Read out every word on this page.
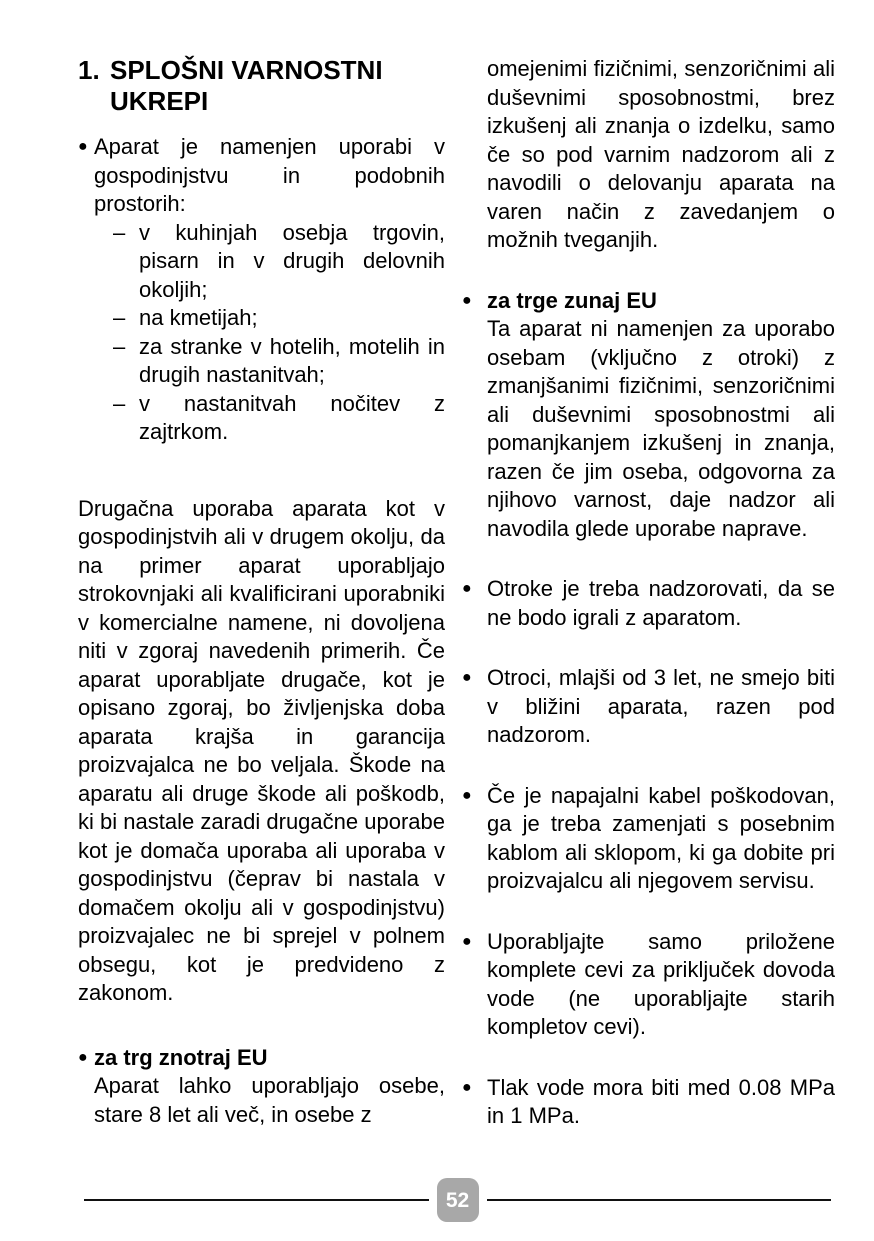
1. SPLOŠNI VARNOSTNI UKREPI
● Aparat je namenjen uporabi v gospodinjstvu in podobnih prostorih:
– v kuhinjah osebja trgovin, pisarn in v drugih delovnih okoljih;
– na kmetijah;
– za stranke v hotelih, motelih in drugih nastanitvah;
– v nastanitvah nočitev z zajtrkom.
Drugačna uporaba aparata kot v gospodinjstvih ali v drugem okolju, da na primer aparat uporabljajo strokovnjaki ali kvalificirani uporabniki v komercialne namene, ni dovoljena niti v zgoraj navedenih primerih. Če aparat uporabljate drugače, kot je opisano zgoraj, bo življenjska doba aparata krajša in garancija proizvajalca ne bo veljala. Škode na aparatu ali druge škode ali poškodb, ki bi nastale zaradi drugačne uporabe kot je domača uporaba ali uporaba v gospodinjstvu (čeprav bi nastala v domačem okolju ali v gospodinjstvu) proizvajalec ne bi sprejel v polnem obsegu, kot je predvideno z zakonom.
● za trg znotraj EU
Aparat lahko uporabljajo osebe, stare 8 let ali več, in osebe z
omejenimi fizičnimi, senzoričnimi ali duševnimi sposobnostmi, brez izkušenj ali znanja o izdelku, samo če so pod varnim nadzorom ali z navodili o delovanju aparata na varen način z zavedanjem o možnih tveganjih.
● za trge zunaj EU
Ta aparat ni namenjen za uporabo osebam (vključno z otroki) z zmanjšanimi fizičnimi, senzoričnimi ali duševnimi sposobnostmi ali pomanjkanjem izkušenj in znanja, razen če jim oseba, odgovorna za njihovo varnost, daje nadzor ali navodila glede uporabe naprave.
● Otroke je treba nadzorovati, da se ne bodo igrali z aparatom.
● Otroci, mlajši od 3 let, ne smejo biti v bližini aparata, razen pod nadzorom.
● Če je napajalni kabel poškodovan, ga je treba zamenjati s posebnim kablom ali sklopom, ki ga dobite pri proizvajalcu ali njegovem servisu.
● Uporabljajte samo priložene komplete cevi za priključek dovoda vode (ne uporabljajte starih kompletov cevi).
● Tlak vode mora biti med 0.08 MPa in 1 MPa.
52
